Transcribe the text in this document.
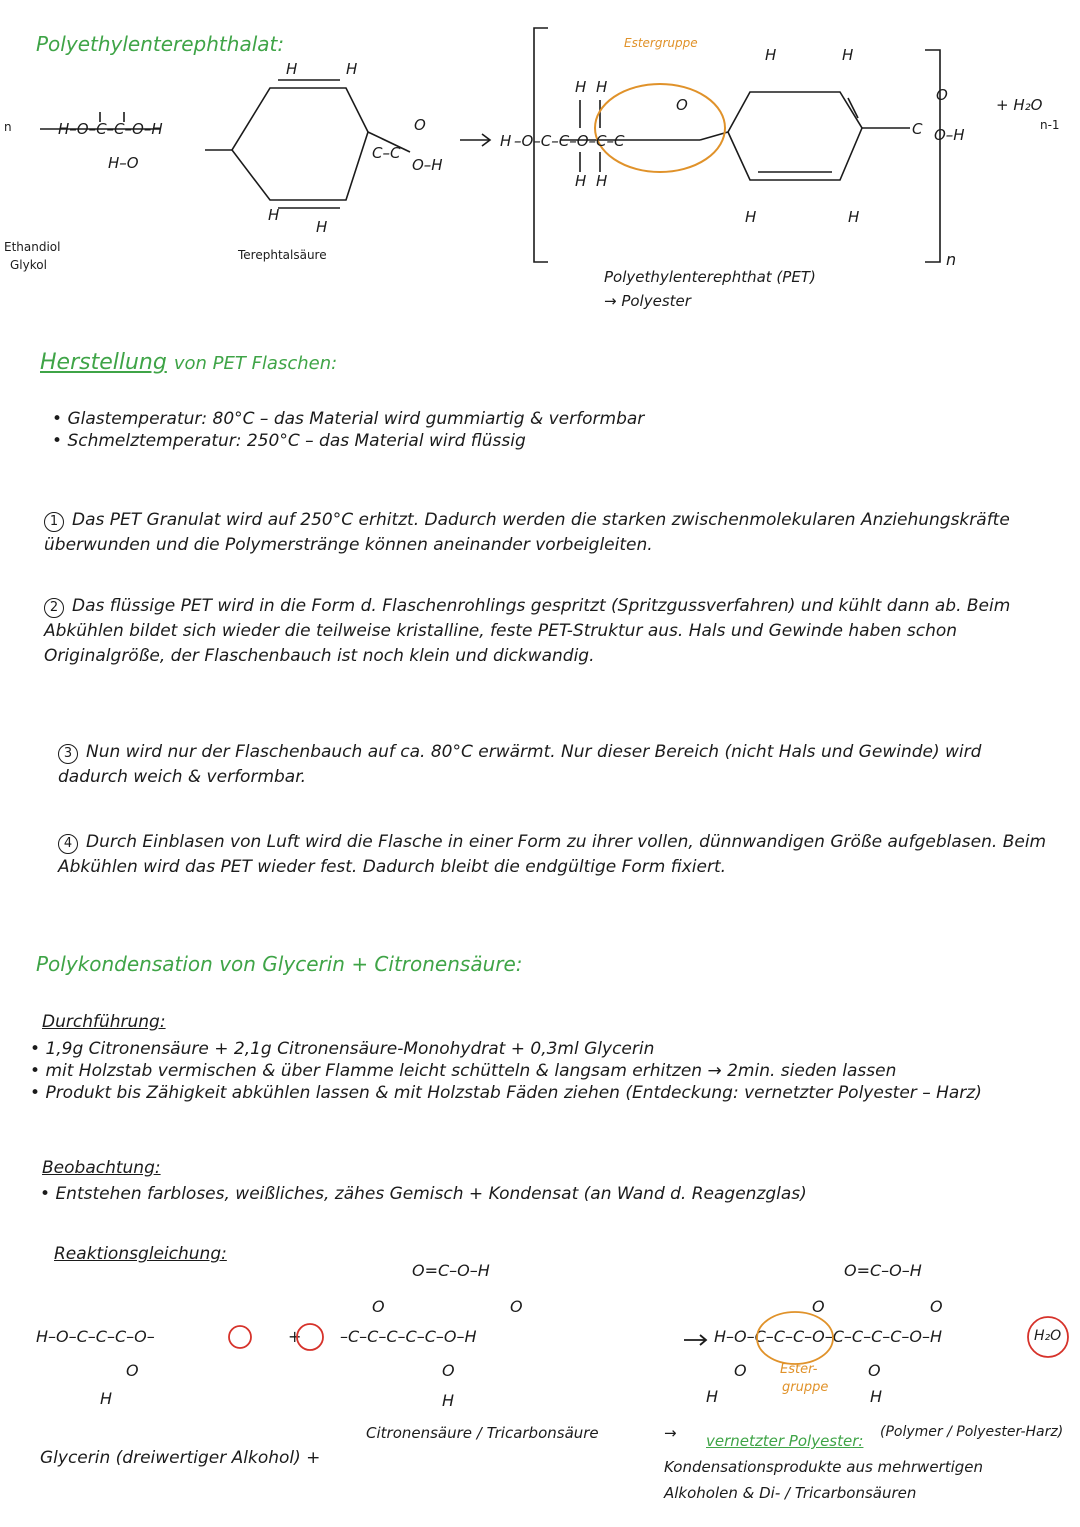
Polyethylenterephthalat:
H–O–C–C–O–H
H–O
H	H
H
H
C–C
O
O–H
H –O–C–C–O–C–C
H H
H H
O
H	H
H	H
C
O
O–H
n
Ethandiol
Glykol
Terephtalsäure
Estergruppe
+ H₂O
n-1
n
Polyethylenterephthat (PET)
→ Polyester
Herstellung von PET Flaschen:
• Glastemperatur: 80°C – das Material wird gummiartig & verformbar
• Schmelztemperatur: 250°C – das Material wird flüssig
1 Das PET Granulat wird auf 250°C erhitzt. Dadurch werden die starken zwischenmolekularen Anziehungskräfte überwunden und die Polymerstränge können aneinander vorbeigleiten.
2 Das flüssige PET wird in die Form d. Flaschenrohlings gespritzt (Spritzgussverfahren) und kühlt dann ab. Beim Abkühlen bildet sich wieder die teilweise kristalline, feste PET-Struktur aus. Hals und Gewinde haben schon Originalgröße, der Flaschenbauch ist noch klein und dickwandig.
3 Nun wird nur der Flaschenbauch auf ca. 80°C erwärmt. Nur dieser Bereich (nicht Hals und Gewinde) wird dadurch weich & verformbar.
4 Durch Einblasen von Luft wird die Flasche in einer Form zu ihrer vollen, dünnwandigen Größe aufgeblasen. Beim Abkühlen wird das PET wieder fest. Dadurch bleibt die endgültige Form fixiert.
Polykondensation von Glycerin + Citronensäure:
Durchführung:
• 1,9g Citronensäure + 2,1g Citronensäure-Monohydrat + 0,3ml Glycerin
• mit Holzstab vermischen & über Flamme leicht schütteln & langsam erhitzen → 2min. sieden lassen
• Produkt bis Zähigkeit abkühlen lassen & mit Holzstab Fäden ziehen (Entdeckung: vernetzter Polyester – Harz)
Beobachtung:
• Entstehen farbloses, weißliches, zähes Gemisch + Kondensat (an Wand d. Reagenzglas)
Reaktionsgleichung:
H–O–C–C–C–O–	+ –C–C–C–C–C–O–H	H–O–C–C–C–O–C–C–C–C–O–H
O=C–O–H	O=C–O–H
O	O	O	O
O	O	O	O
H	H	H	H
H₂O
Ester-
gruppe
Glycerin (dreiwertiger Alkohol) +
Citronensäure / Tricarbonsäure	→ vernetzter Polyester: (Polymer / Polyester-Harz)
Kondensationsprodukte aus mehrwertigen
Alkoholen & Di- / Tricarbonsäuren
